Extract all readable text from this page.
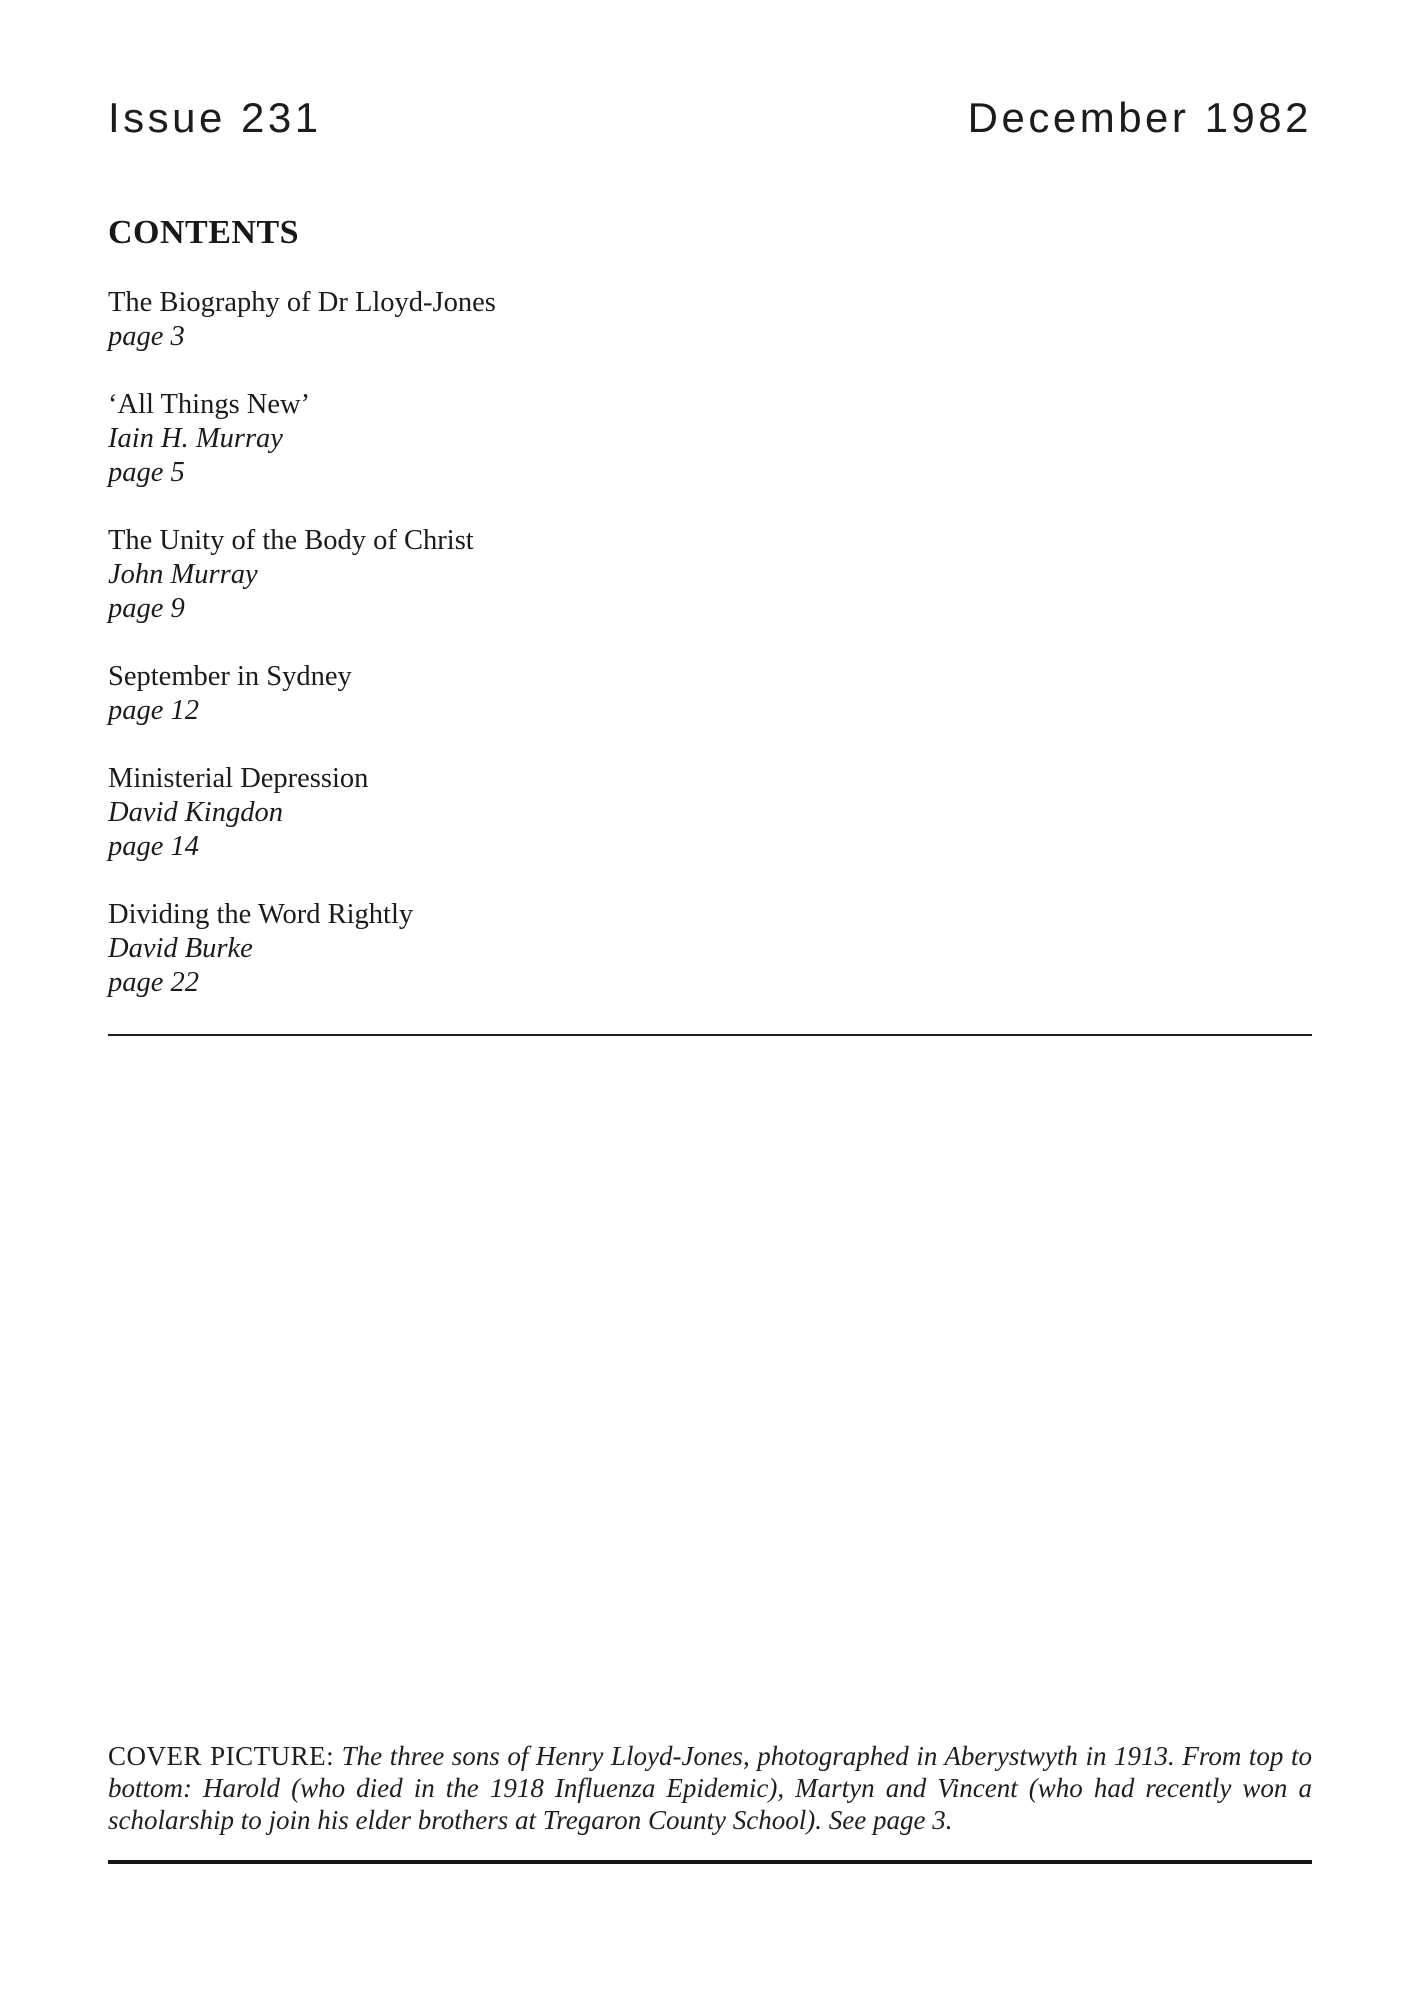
Issue 231	December 1982
CONTENTS
The Biography of Dr Lloyd-Jones
page 3
‘All Things New’
Iain H. Murray
page 5
The Unity of the Body of Christ
John Murray
page 9
September in Sydney
page 12
Ministerial Depression
David Kingdon
page 14
Dividing the Word Rightly
David Burke
page 22

COVER PICTURE: The three sons of Henry Lloyd-Jones, photographed in Aberystwyth in 1913. From top to bottom: Harold (who died in the 1918 Influenza Epidemic), Martyn and Vincent (who had recently won a scholarship to join his elder brothers at Tregaron County School). See page 3.
